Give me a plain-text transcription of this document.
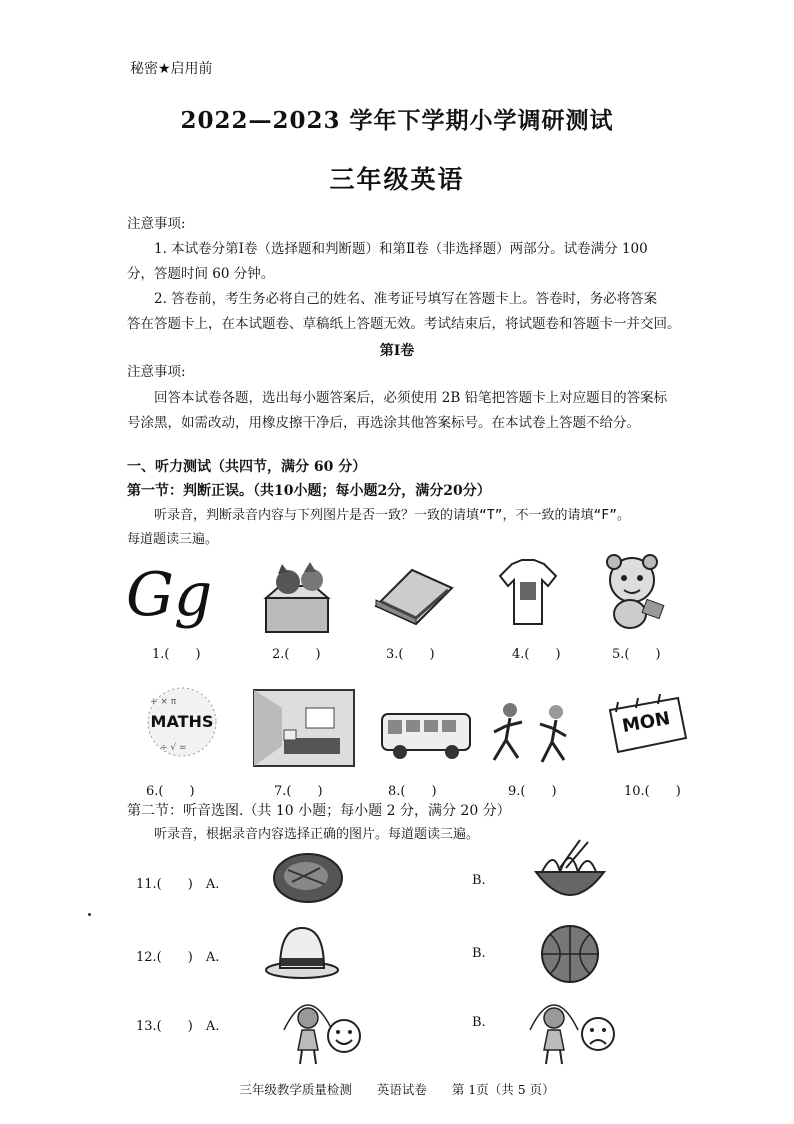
秘密★启用前
2022—2023 学年下学期小学调研测试
三年级英语
注意事项:
1. 本试卷分第Ⅰ卷（选择题和判断题）和第Ⅱ卷（非选择题）两部分。试卷满分 100
分，答题时间 60 分钟。
2. 答卷前，考生务必将自己的姓名、准考证号填写在答题卡上。答卷时，务必将答案
答在答题卡上，在本试题卷、草稿纸上答题无效。考试结束后，将试题卷和答题卡一并交回。
第Ⅰ卷
注意事项:
回答本试卷各题，选出每小题答案后，必须使用 2B 铅笔把答题卡上对应题目的答案标
号涂黑，如需改动，用橡皮擦干净后，再选涂其他答案标号。在本试卷上答题不给分。
一、听力测试（共四节，满分 60 分）
第一节：判断正误。（共10小题；每小题2分，满分20分）
听录音，判断录音内容与下列图片是否一致？一致的请填“T”，不一致的请填“F”。
每道题读三遍。
Gg
1.(　　)	2.(　　)	3.(　　)	4.(　　)	5.(　　)
+ × π
÷ √ =
MATHS	MON
6.(　　)	7.(　　)	8.(　　)	9.(　　)	10.(　　)
第二节：听音选图.（共 10 小题；每小题 2 分，满分 20 分）
听录音，根据录音内容选择正确的图片。每道题读三遍。
11.(　　)　A.	B.
12.(　　)　A.	B.
13.(　　)　A.	B.
三年级教学质量检测　　英语试卷　　第 1页（共 5 页）
